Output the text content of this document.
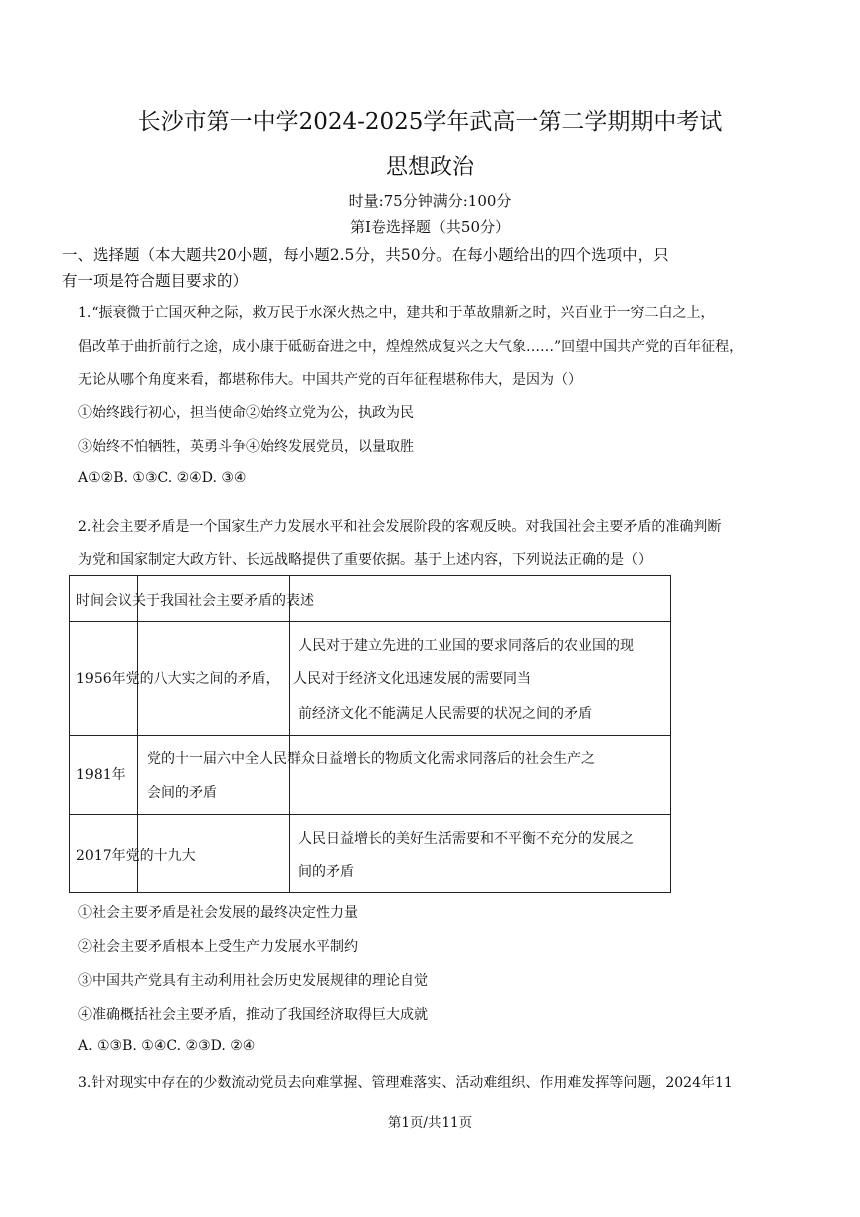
长沙市第一中学2024-2025学年武高一第二学期期中考试
思想政治
时量:75分钟满分:100分
第Ⅰ卷选择题（共50分）
一、选择题（本大题共20小题，每小题2.5分，共50分。在每小题给出的四个选项中，只
有一项是符合题目要求的）
1.“振衰微于亡国灭种之际，救万民于水深火热之中，建共和于革故鼎新之时，兴百业于一穷二白之上，
倡改革于曲折前行之途，成小康于砥砺奋进之中，煌煌然成复兴之大气象……”回望中国共产党的百年征程，
无论从哪个角度来看，都堪称伟大。中国共产党的百年征程堪称伟大，是因为（）
①始终践行初心，担当使命②始终立党为公，执政为民
③始终不怕牺牲，英勇斗争④始终发展党员，以量取胜
A①②B. ①③C. ②④D. ③④
2.社会主要矛盾是一个国家生产力发展水平和社会发展阶段的客观反映。对我国社会主要矛盾的准确判断
为党和国家制定大政方针、长远战略提供了重要依据。基于上述内容，下列说法正确的是（）
时间会议关于我国社会主要矛盾的表述
人民对于建立先进的工业国的要求同落后的农业国的现
1956年党的八大实之间的矛盾， 人民对于经济文化迅速发展的需要同当
前经济文化不能满足人民需要的状况之间的矛盾
党的十一届六中全人民群众日益增长的物质文化需求同落后的社会生产之
1981年
会间的矛盾
人民日益增长的美好生活需要和不平衡不充分的发展之
2017年党的十九大
间的矛盾
①社会主要矛盾是社会发展的最终决定性力量
②社会主要矛盾根本上受生产力发展水平制约
③中国共产党具有主动利用社会历史发展规律的理论自觉
④准确概括社会主要矛盾，推动了我国经济取得巨大成就
A. ①③B. ①④C. ②③D. ②④
3.针对现实中存在的少数流动党员去向难掌握、管理难落实、活动难组织、作用难发挥等问题，2024年11
第1页/共11页
